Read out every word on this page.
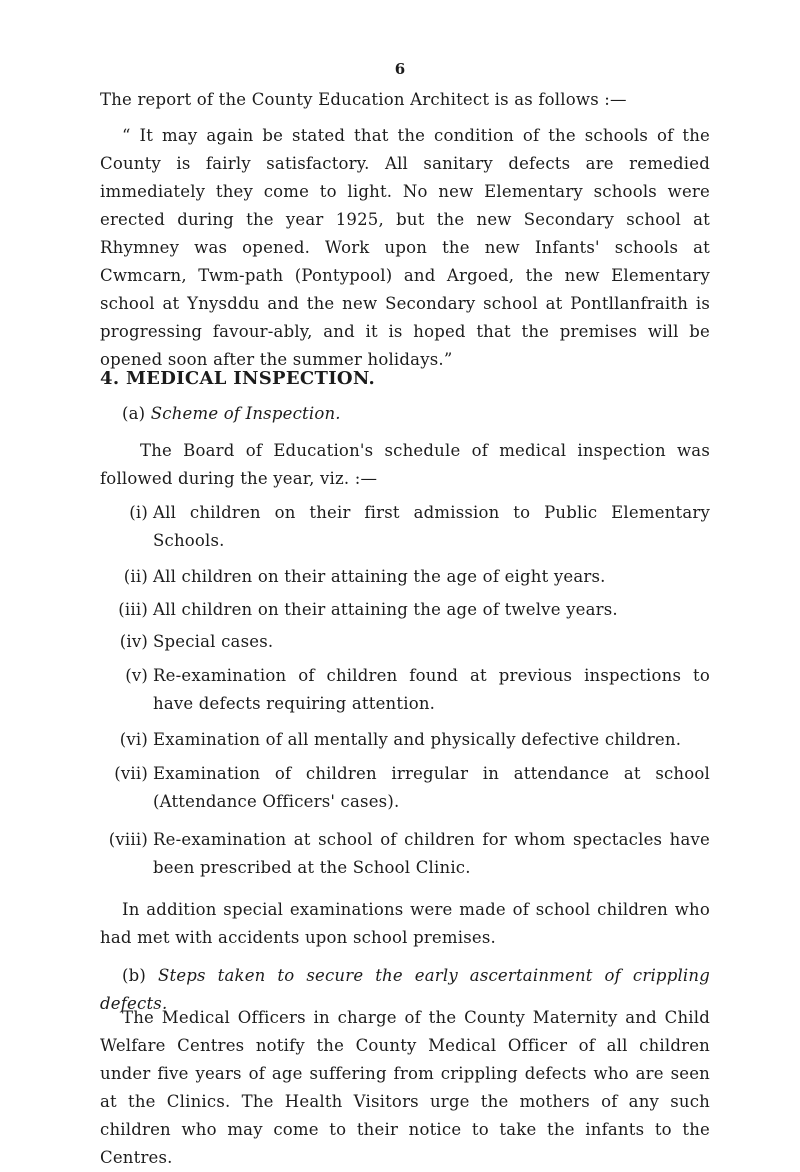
6

The report of the County Education Architect is as follows :—

“ It may again be stated that the condition of the schools of the County is fairly satisfactory. All sanitary defects are remedied immediately they come to light. No new Elementary schools were erected during the year 1925, but the new Secondary school at Rhymney was opened. Work upon the new Infants' schools at Cwmcarn, Twm-path (Pontypool) and Argoed, the new Elementary school at Ynysddu and the new Secondary school at Pontllanfraith is progressing favour-ably, and it is hoped that the premises will be opened soon after the summer holidays.”

4. MEDICAL INSPECTION.

(a) Scheme of Inspection.

The Board of Education's schedule of medical inspection was followed during the year, viz. :—

(i) All children on their first admission to Public Elementary Schools.
(ii) All children on their attaining the age of eight years.
(iii) All children on their attaining the age of twelve years.
(iv) Special cases.
(v) Re-examination of children found at previous inspections to have defects requiring attention.
(vi) Examination of all mentally and physically defective children.
(vii) Examination of children irregular in attendance at school (Attendance Officers' cases).
(viii) Re-examination at school of children for whom spectacles have been prescribed at the School Clinic.

In addition special examinations were made of school children who had met with accidents upon school premises.

(b) Steps taken to secure the early ascertainment of crippling defects.

The Medical Officers in charge of the County Maternity and Child Welfare Centres notify the County Medical Officer of all children under five years of age suffering from crippling defects who are seen at the Clinics. The Health Visitors urge the mothers of any such children who may come to their notice to take the infants to the Centres.
